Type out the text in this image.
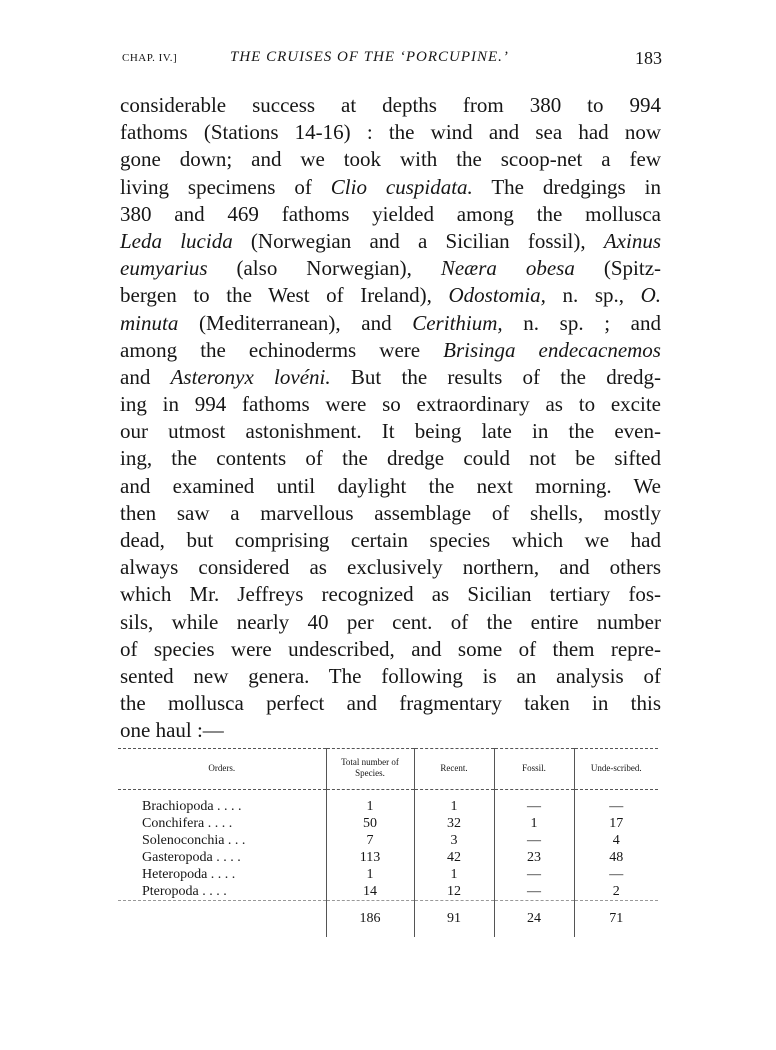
CHAP. IV.]	THE CRUISES OF THE ‘PORCUPINE.’	183
considerable success at depths from 380 to 994
fathoms (Stations 14-16) : the wind and sea had now
gone down; and we took with the scoop-net a few
living specimens of Clio cuspidata. The dredgings in
380 and 469 fathoms yielded among the mollusca
Leda lucida (Norwegian and a Sicilian fossil), Axinus
eumyarius (also Norwegian), Neæra obesa (Spitz-
bergen to the West of Ireland), Odostomia, n. sp., O.
minuta (Mediterranean), and Cerithium, n. sp. ; and
among the echinoderms were Brisinga endecacnemos
and Asteronyx lovéni. But the results of the dredg-
ing in 994 fathoms were so extraordinary as to excite
our utmost astonishment. It being late in the even-
ing, the contents of the dredge could not be sifted
and examined until daylight the next morning. We
then saw a marvellous assemblage of shells, mostly
dead, but comprising certain species which we had
always considered as exclusively northern, and others
which Mr. Jeffreys recognized as Sicilian tertiary fos-
sils, while nearly 40 per cent. of the entire number
of species were undescribed, and some of them repre-
sented new genera. The following is an analysis of
the mollusca perfect and fragmentary taken in this
one haul :—
Orders.	Total number of Species.	Recent.	Fossil.	Unde-scribed.

Brachiopoda . . . .	1	1	—	—
Conchifera . . . .	50	32	1	17
Solenoconchia . . .	7	3	—	4
Gasteropoda . . . .	113	42	23	48
Heteropoda . . . .	1	1	—	—
Pteropoda . . . .	14	12	—	2
	186	91	24	71
